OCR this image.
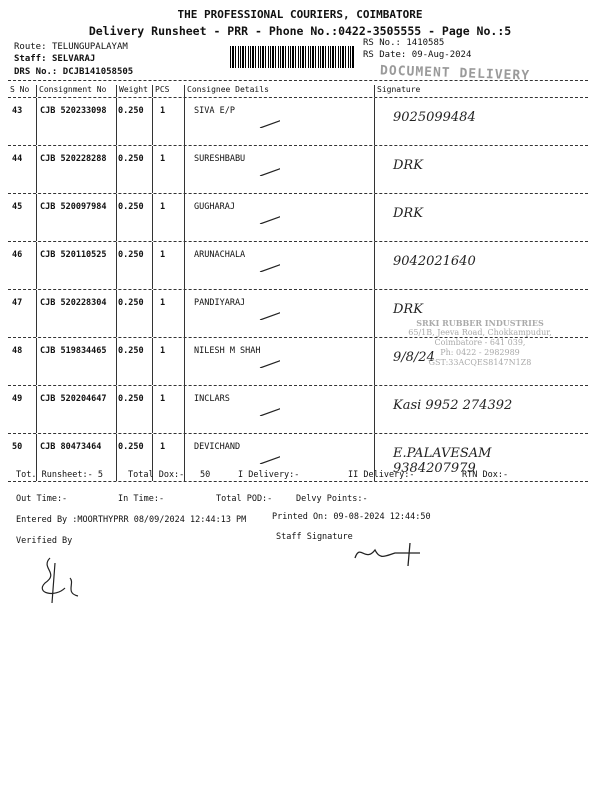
THE PROFESSIONAL COURIERS, COIMBATORE
Delivery Runsheet - PRR - Phone No.:0422-3505555 - Page No.:5
Route: TELUNGUPALAYAM
Staff: SELVARAJ
DRS No.: DCJB141058505
RS No.: 1410585
RS Date: 09-Aug-2024
DOCUMENT DELIVERY
S No	Consignment No	Weight PCS	Consignee Details	Signature
43 CJB 520233098 0.250 1	SIVA E/P	9025099484
44 CJB 520228288 0.250 1	SURESHBABU	DRK
45 CJB 520097984 0.250 1	GUGHARAJ	DRK
46 CJB 520110525 0.250 1	ARUNACHALA	9042021640
47 CJB 520228304 0.250 1	PANDIYARAJ	DRK
48 CJB 519834465 0.250 1	NILESH M SHAH	9/8/24
49 CJB 520204647 0.250 1	INCLARS	Kasi 9952 274392
50 CJB 80473464 0.250 1	DEVICHAND	E.PALAVESAM 9384207979
SRKI RUBBER INDUSTRIES
65/1B, Jeeva Road, Chokkampudur,
Coimbatore - 641 039,
Ph: 0422 - 2982989
GST:33ACQES8147N1Z8
Tot. Runsheet:- 5	Total Dox:- 50	I Delivery:-	II Delivery:-	RTN Dox:-
Out Time:-	In Time:-	Total POD:-	Delvy Points:-
Entered By :MOORTHYPRR 08/09/2024 12:44:13 PM	Printed On: 09-08-2024 12:44:50
Verified By	Staff Signature
